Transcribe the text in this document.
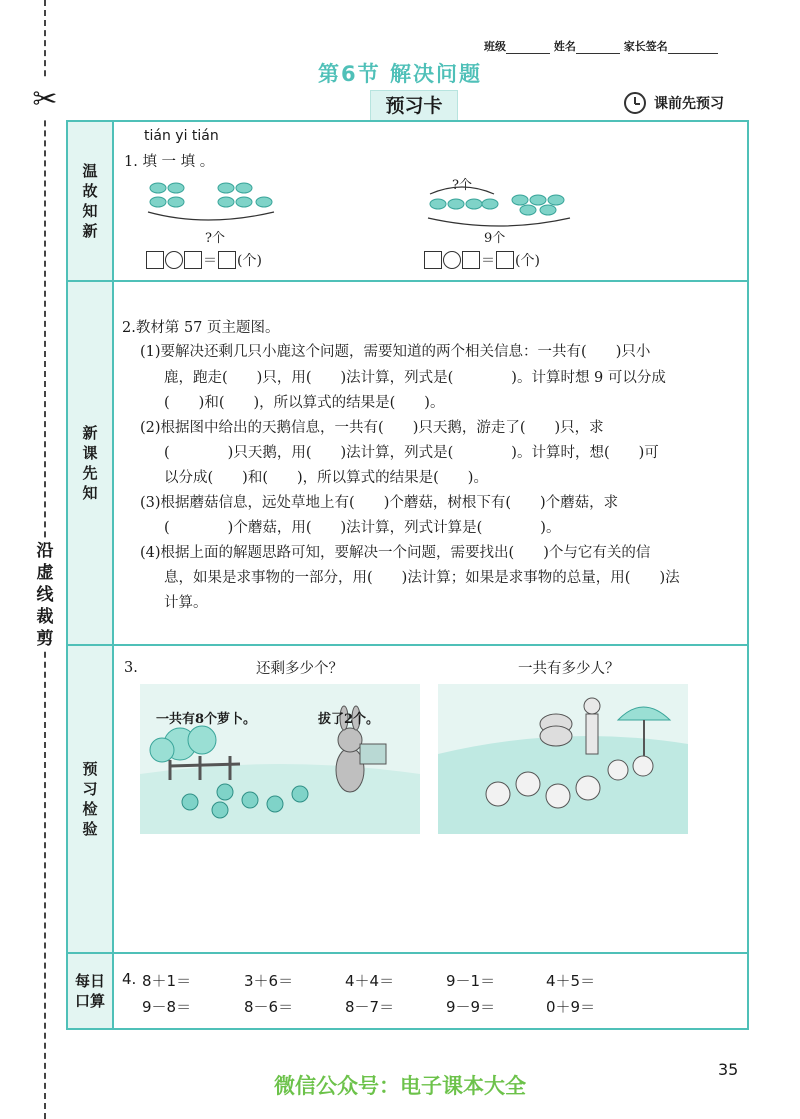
✂
沿虚线裁剪
班级	姓名	家长签名
第6节 解决问题
预习卡	课前先预习
温故知新
新课先知
预习检验
每日口算
tián yi tián
1. 填 一 填 。
?个
＝ (个)
?个
9个
＝ (个)
2.教材第 57 页主题图。
(1)要解决还剩几只小鹿这个问题，需要知道的两个相关信息：一共有(　　)只小
鹿，跑走(　　)只，用(　　)法计算，列式是(　　　　)。计算时想 9 可以分成
(　　)和(　　)，所以算式的结果是(　　)。
(2)根据图中给出的天鹅信息，一共有(　　)只天鹅，游走了(　　)只，求
(　　　　)只天鹅，用(　　)法计算，列式是(　　　　)。计算时，想(　　)可
以分成(　　)和(　　)，所以算式的结果是(　　)。
(3)根据蘑菇信息，远处草地上有(　　)个蘑菇，树根下有(　　)个蘑菇，求
(　　　　)个蘑菇，用(　　)法计算，列式计算是(　　　　)。
(4)根据上面的解题思路可知，要解决一个问题，需要找出(　　)个与它有关的信
息，如果是求事物的一部分，用(　　)法计算；如果是求事物的总量，用(　　)法
计算。
3.	还剩多少个？	一共有多少人？
一共有8个萝卜。	拔了2个。
4. 8＋1＝	3＋6＝	4＋4＝	9－1＝	4＋5＝
9－8＝	8－6＝	8－7＝	9－9＝	0＋9＝
35
微信公众号：电子课本大全
